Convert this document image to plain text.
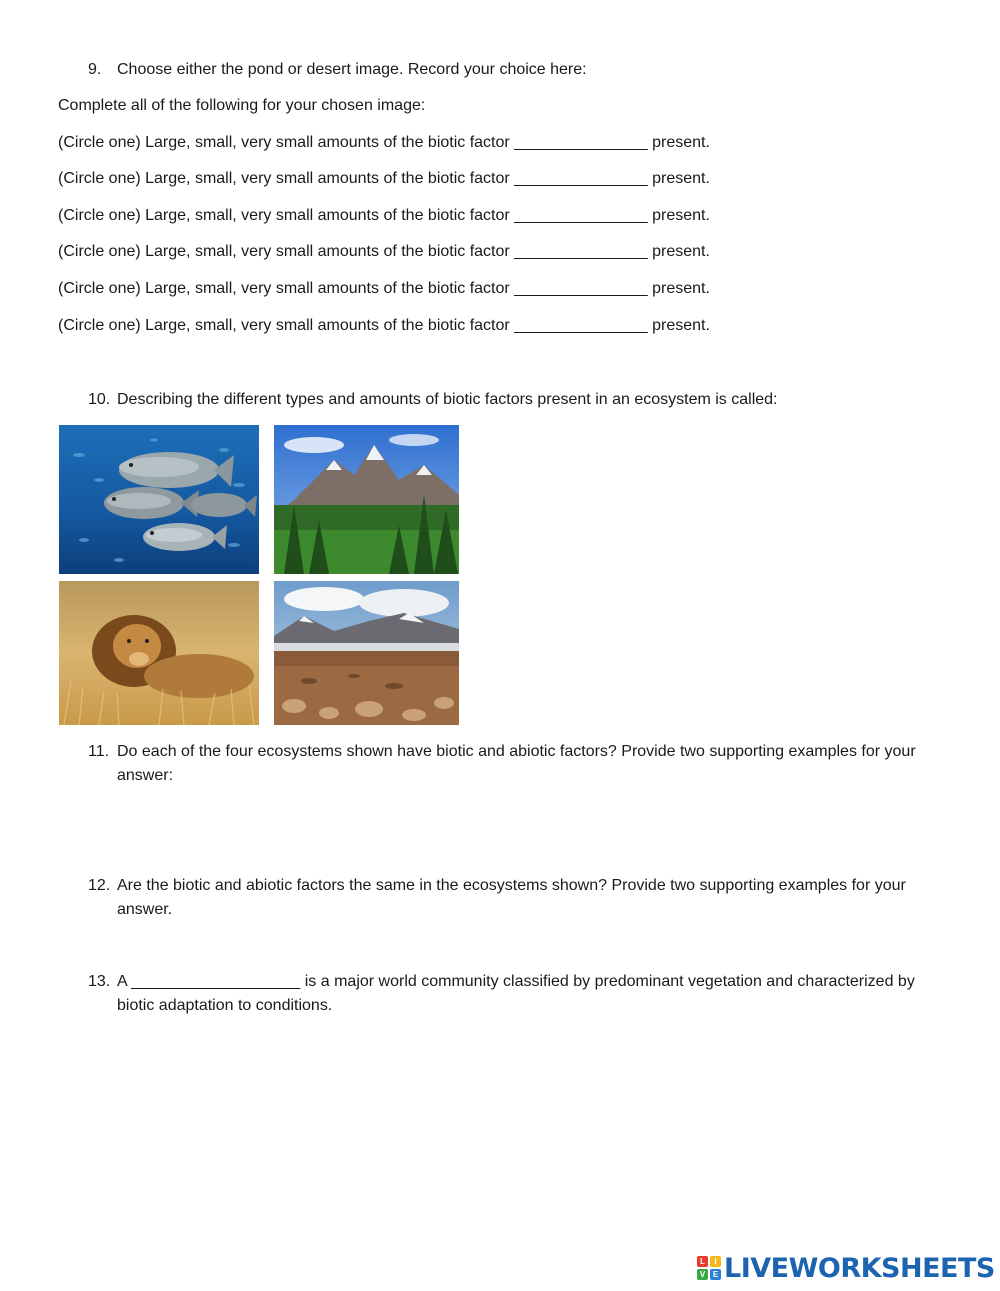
9. Choose either the pond or desert image. Record your choice here:
Complete all of the following for your chosen image:
(Circle one) Large, small, very small amounts of the biotic factor _______________ present.
(Circle one) Large, small, very small amounts of the biotic factor _______________ present.
(Circle one) Large, small, very small amounts of the biotic factor _______________ present.
(Circle one) Large, small, very small amounts of the biotic factor _______________ present.
(Circle one) Large, small, very small amounts of the biotic factor _______________ present.
(Circle one) Large, small, very small amounts of the biotic factor _______________ present.
10. Describing the different types and amounts of biotic factors present in an ecosystem is called:
11. Do each of the four ecosystems shown have biotic and abiotic factors? Provide two supporting examples for your answer:
12. Are the biotic and abiotic factors the same in the ecosystems shown? Provide two supporting examples for your answer.
13. A ___________________ is a major world community classified by predominant vegetation and characterized by biotic adaptation to conditions.
L	I
V E LIVEWORKSHEETS
